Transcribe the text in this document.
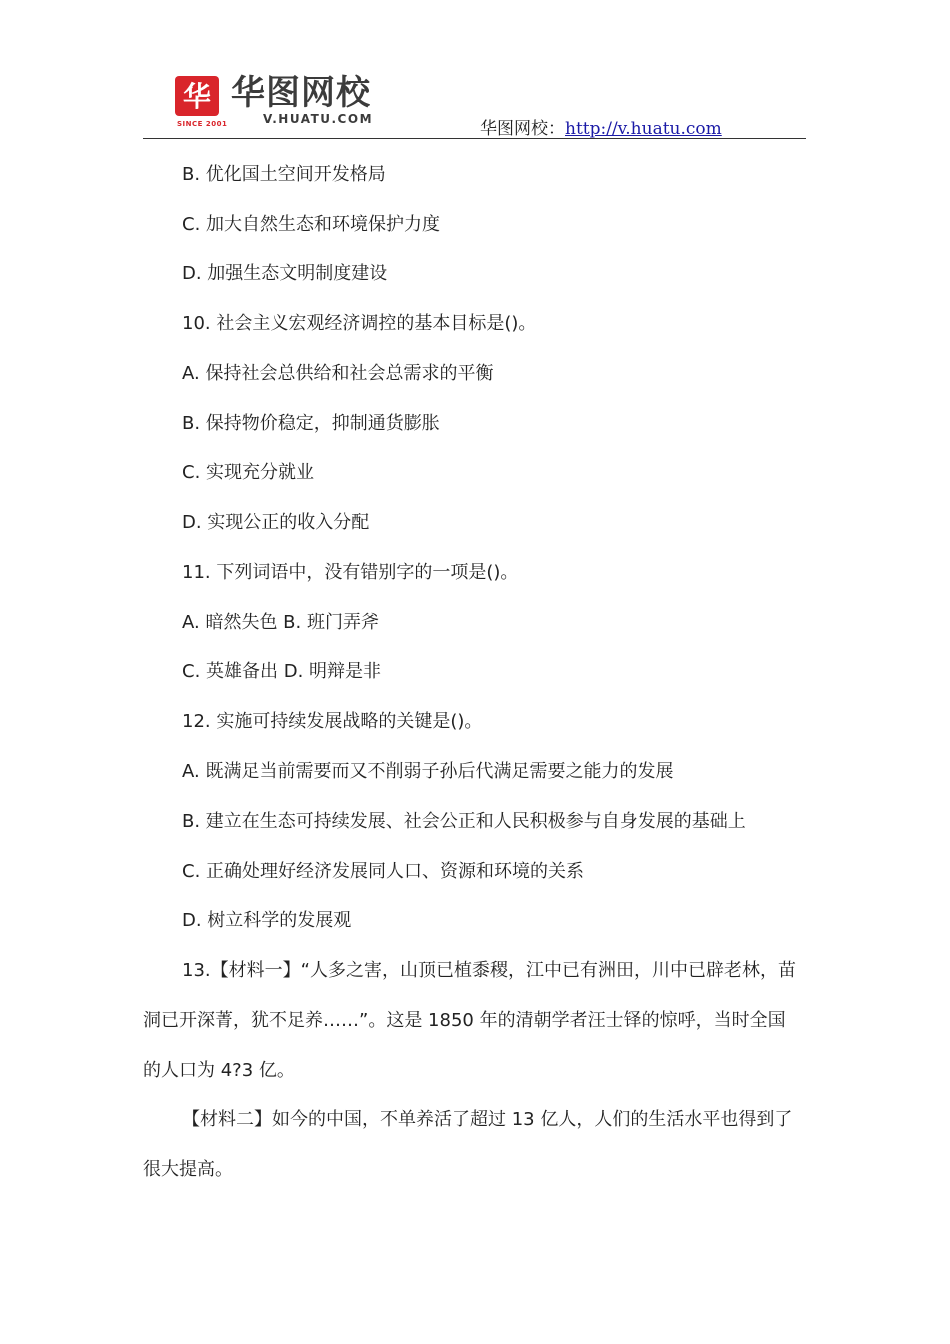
华
SINCE 2001
华图网校
V.HUATU.COM	华图网校：http://v.huatu.com
B. 优化国土空间开发格局
C. 加大自然生态和环境保护力度
D. 加强生态文明制度建设
10. 社会主义宏观经济调控的基本目标是()。
A. 保持社会总供给和社会总需求的平衡
B. 保持物价稳定，抑制通货膨胀
C. 实现充分就业
D. 实现公正的收入分配
11. 下列词语中，没有错别字的一项是()。
A. 暗然失色 B. 班门弄斧
C. 英雄备出 D. 明辩是非
12. 实施可持续发展战略的关键是()。
A. 既满足当前需要而又不削弱子孙后代满足需要之能力的发展
B. 建立在生态可持续发展、社会公正和人民积极参与自身发展的基础上
C. 正确处理好经济发展同人口、资源和环境的关系
D. 树立科学的发展观
13.【材料一】“人多之害，山顶已植黍稷，江中已有洲田，川中已辟老林，苗
洞已开深菁，犹不足养……”。这是 1850 年的清朝学者汪士铎的惊呼，当时全国
的人口为 4?3 亿。
【材料二】如今的中国，不单养活了超过 13 亿人，人们的生活水平也得到了
很大提高。
